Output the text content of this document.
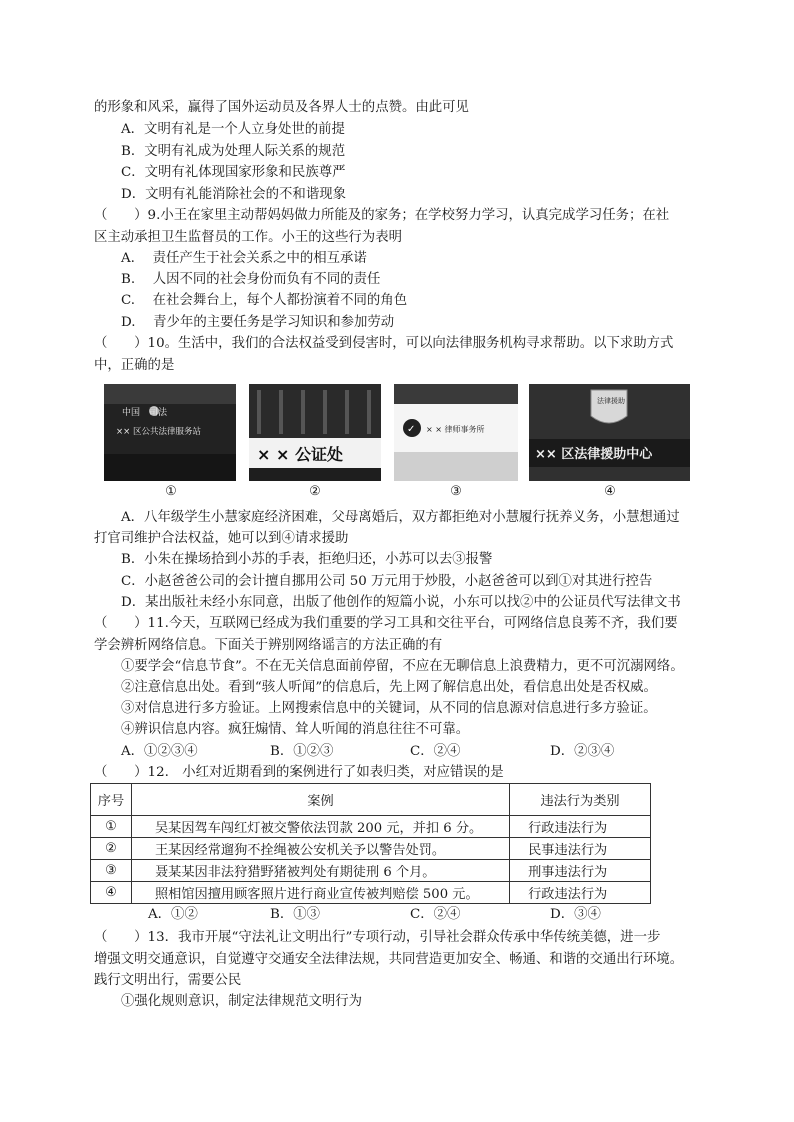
的形象和风采，赢得了国外运动员及各界人士的点赞。由此可见
A．文明有礼是一个人立身处世的前提
B．文明有礼成为处理人际关系的规范
C．文明有礼体现国家形象和民族尊严
D．文明有礼能消除社会的不和谐现象
（　　）9.小王在家里主动帮妈妈做力所能及的家务；在学校努力学习，认真完成学习任务；在社
区主动承担卫生监督员的工作。小王的这些行为表明
A.　 责任产生于社会关系之中的相互承诺
B.　 人因不同的社会身份而负有不同的责任
C.　 在社会舞台上，每个人都扮演着不同的角色
D.　 青少年的主要任务是学习知识和参加劳动
（　　）10。生活中，我们的合法权益受到侵害时，可以向法律服务机构寻求帮助。以下求助方式
中，正确的是
中国　司法
×× 区公共法律服务站
× × 公证处
✓ × × 律师事务所
法律援助
×× 区法律援助中心
①	②	③	④
A．八年级学生小慧家庭经济困难，父母离婚后，双方都拒绝对小慧履行抚养义务，小慧想通过
打官司维护合法权益，她可以到④请求援助
B．小朱在操场拾到小苏的手表，拒绝归还，小苏可以去③报警
C．小赵爸爸公司的会计擅自挪用公司 50 万元用于炒股，小赵爸爸可以到①对其进行控告
D．某出版社未经小东同意，出版了他创作的短篇小说，小东可以找②中的公证员代写法律文书
（　　）11.今天，互联网已经成为我们重要的学习工具和交往平台，可网络信息良莠不齐，我们要
学会辨析网络信息。下面关于辨别网络谣言的方法正确的有
①要学会“信息节食”。不在无关信息面前停留，不应在无聊信息上浪费精力，更不可沉溺网络。
②注意信息出处。看到“骇人听闻”的信息后，先上网了解信息出处，看信息出处是否权威。
③对信息进行多方验证。上网搜索信息中的关键词，从不同的信息源对信息进行多方验证。
④辨识信息内容。疯狂煽情、耸人听闻的消息往往不可靠。
A．①②③④	B．①②③	C．②④	D．②③④
（　　）12.　小红对近期看到的案例进行了如表归类，对应错误的是
序号	案例	违法行为类别
①	吴某因驾车闯红灯被交警依法罚款 200 元，并扣 6 分。	行政违法行为
②	王某因经常遛狗不拴绳被公安机关予以警告处罚。	民事违法行为
③	聂某某因非法狩猎野猪被判处有期徒刑 6 个月。	刑事违法行为
④	照相馆因擅用顾客照片进行商业宣传被判赔偿 500 元。	行政违法行为
A．①②	B．①③	C．②④	D．③④
（　　）13．我市开展“守法礼让文明出行”专项行动，引导社会群众传承中华传统美德，进一步
增强文明交通意识，自觉遵守交通安全法律法规，共同营造更加安全、畅通、和谐的交通出行环境。
践行文明出行，需要公民
①强化规则意识，制定法律规范文明行为
